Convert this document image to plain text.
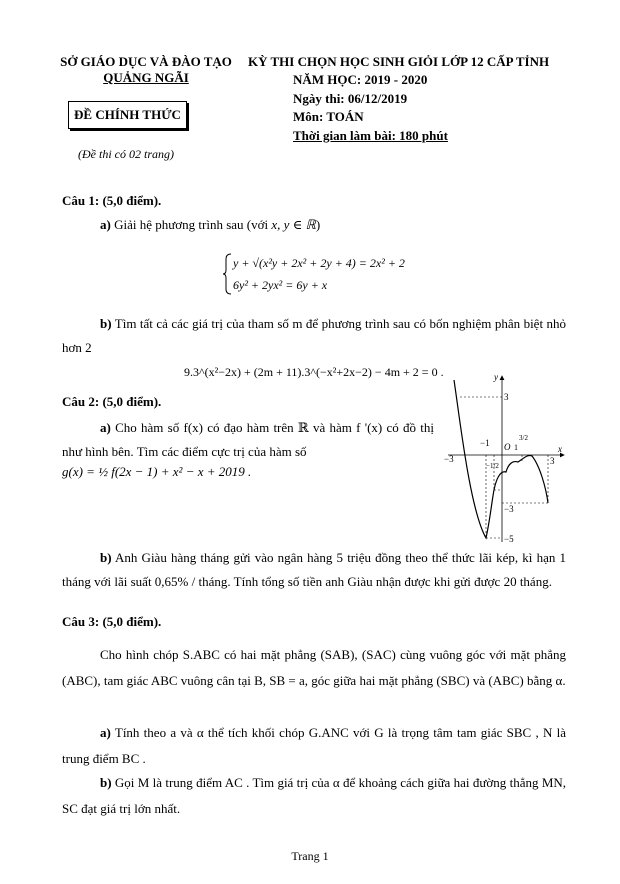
SỞ GIÁO DỤC VÀ ĐÀO TẠO
QUẢNG NGÃI
ĐỀ CHÍNH THỨC
(Đề thi có 02 trang)
KỲ THI CHỌN HỌC SINH GIỎI LỚP 12 CẤP TỈNH
NĂM HỌC: 2019 - 2020
Ngày thi: 06/12/2019
Môn: TOÁN
Thời gian làm bài: 180 phút
Câu 1: (5,0 điểm).
a) Giải hệ phương trình sau (với x, y ∈ ℝ)
y + √(x²y + 2x² + 2y + 4) = 2x² + 2
6y² + 2yx² = 6y + x
b) Tìm tất cả các giá trị của tham số m để phương trình sau có bốn nghiệm phân biệt nhỏ hơn 2
9.3^(x²−2x) + (2m + 11).3^(−x²+2x−2) − 4m + 2 = 0 .
Câu 2: (5,0 điểm).
a) Cho hàm số f(x) có đạo hàm trên ℝ và hàm f '(x) có đồ thị như hình bên. Tìm các điểm cực trị của hàm số
g(x) = ½ f(2x − 1) + x² − x + 2019 .
y
x
3
O
−3
−1	1
3/2
3
−1/2
−3
−5
b) Anh Giàu hàng tháng gửi vào ngân hàng 5 triệu đồng theo thể thức lãi kép, kì hạn 1 tháng với lãi suất 0,65% / tháng. Tính tổng số tiền anh Giàu nhận được khi gửi được 20 tháng.
Câu 3: (5,0 điểm).
Cho hình chóp S.ABC có hai mặt phẳng (SAB), (SAC) cùng vuông góc với mặt phẳng (ABC), tam giác ABC vuông cân tại B, SB = a, góc giữa hai mặt phẳng (SBC) và (ABC) bằng α.
a) Tính theo a và α thể tích khối chóp G.ANC với G là trọng tâm tam giác SBC , N là trung điểm BC .
b) Gọi M là trung điểm AC . Tìm giá trị của α để khoảng cách giữa hai đường thẳng MN, SC đạt giá trị lớn nhất.
Trang 1
